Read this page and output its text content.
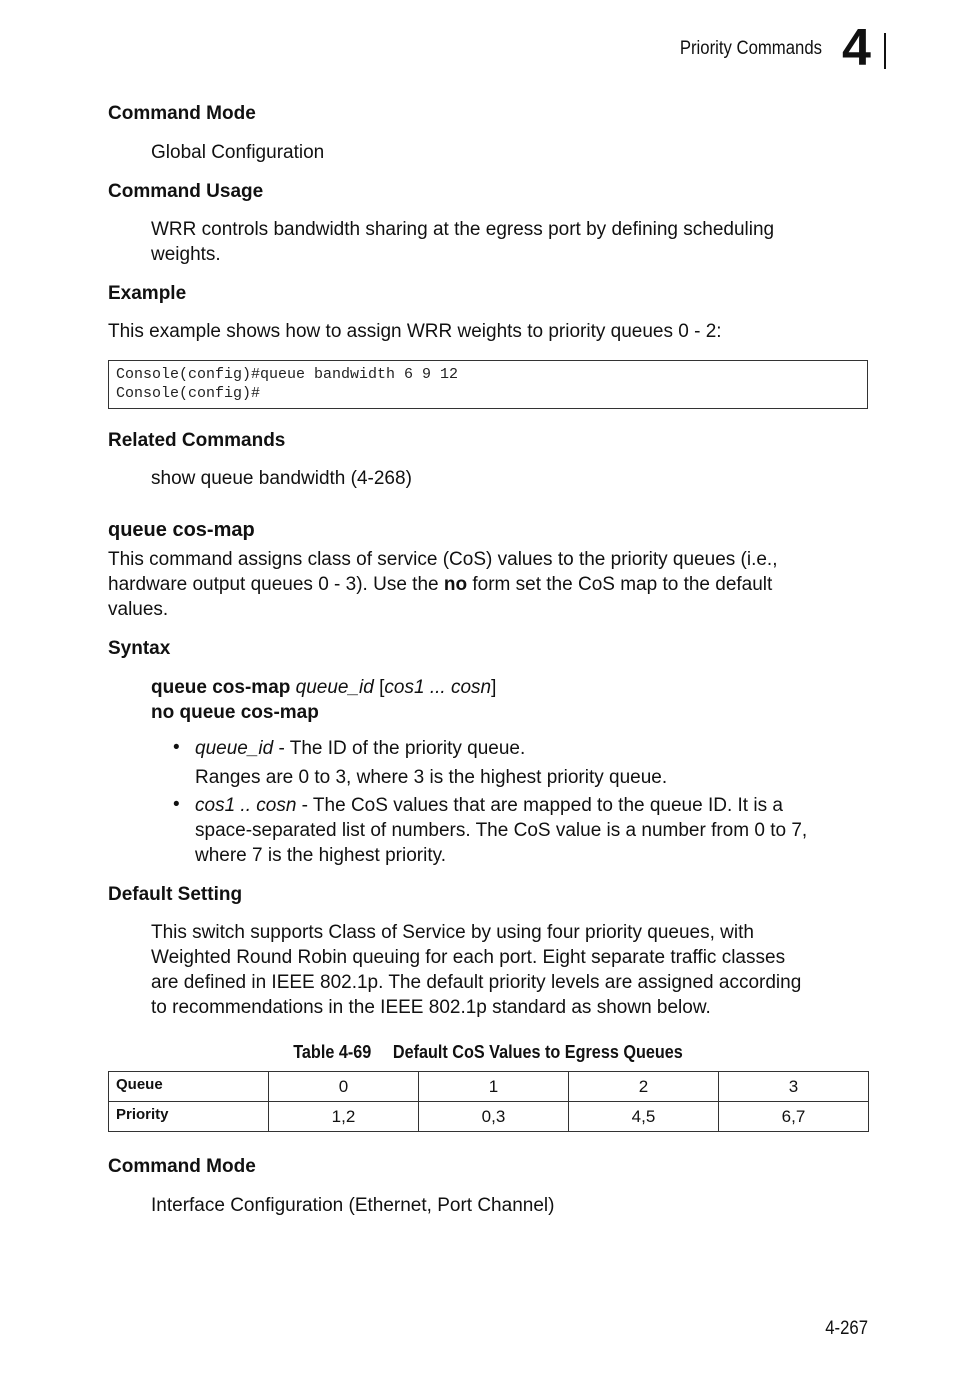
Priority Commands 4
Command Mode
Global Configuration
Command Usage
WRR controls bandwidth sharing at the egress port by defining scheduling
weights.
Example
This example shows how to assign WRR weights to priority queues 0 - 2:
Console(config)#queue bandwidth 6 9 12
Console(config)#
Related Commands
show queue bandwidth (4-268)
queue cos-map
This command assigns class of service (CoS) values to the priority queues (i.e.,
hardware output queues 0 - 3). Use the no form set the CoS map to the default
values.
Syntax
queue cos-map queue_id [cos1 ... cosn]
no queue cos-map
• queue_id - The ID of the priority queue.
Ranges are 0 to 3, where 3 is the highest priority queue.
• cos1 .. cosn - The CoS values that are mapped to the queue ID. It is a
space-separated list of numbers. The CoS value is a number from 0 to 7,
where 7 is the highest priority.
Default Setting
This switch supports Class of Service by using four priority queues, with
Weighted Round Robin queuing for each port. Eight separate traffic classes
are defined in IEEE 802.1p. The default priority levels are assigned according
to recommendations in the IEEE 802.1p standard as shown below.
Table 4-69 Default CoS Values to Egress Queues
Queue	0	1	2	3
Priority	1,2	0,3	4,5	6,7
Command Mode
Interface Configuration (Ethernet, Port Channel)
4-267
